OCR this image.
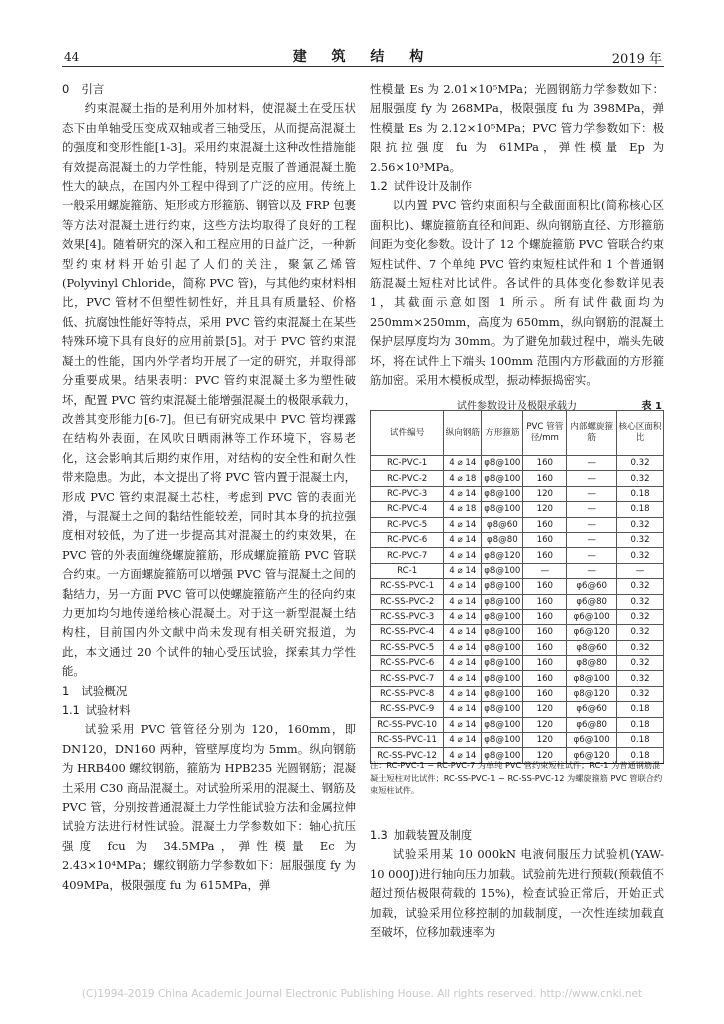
44	建 筑 结 构	2019 年

0 引言

约束混凝土指的是利用外加材料，使混凝土在受压状态下由单轴受压变成双轴或者三轴受压，从而提高混凝土的强度和变形性能[1-3]。采用约束混凝土这种改性措施能有效提高混凝土的力学性能，特别是克服了普通混凝土脆性大的缺点，在国内外工程中得到了广泛的应用。传统上一般采用螺旋箍筋、矩形或方形箍筋、钢管以及 FRP 包裹等方法对混凝土进行约束，这些方法均取得了良好的工程效果[4]。随着研究的深入和工程应用的日益广泛，一种新型约束材料开始引起了人们的关注，聚氯乙烯管(Polyvinyl Chloride，简称 PVC 管)，与其他约束材料相比，PVC 管材不但塑性韧性好，并且具有质量轻、价格低、抗腐蚀性能好等特点，采用 PVC 管约束混凝土在某些特殊环境下具有良好的应用前景[5]。对于 PVC 管约束混凝土的性能，国内外学者均开展了一定的研究，并取得部分重要成果。结果表明：PVC 管约束混凝土多为塑性破坏，配置 PVC 管约束混凝土能增强混凝土的极限承载力，改善其变形能力[6-7]。但已有研究成果中 PVC 管均裸露在结构外表面，在风吹日晒雨淋等工作环境下，容易老化，这会影响其后期约束作用，对结构的安全性和耐久性带来隐患。为此，本文提出了将 PVC 管内置于混凝土内，形成 PVC 管约束混凝土芯柱，考虑到 PVC 管的表面光滑，与混凝土之间的黏结性能较差，同时其本身的抗拉强度相对较低，为了进一步提高其对混凝土的约束效果，在 PVC 管的外表面缠绕螺旋箍筋，形成螺旋箍筋 PVC 管联合约束。一方面螺旋箍筋可以增强 PVC 管与混凝土之间的黏结力，另一方面 PVC 管可以使螺旋箍筋产生的径向约束力更加均匀地传递给核心混凝土。对于这一新型混凝土结构柱，目前国内外文献中尚未发现有相关研究报道，为此，本文通过 20 个试件的轴心受压试验，探索其力学性能。

1 试验概况

1.1 试验材料

试验采用 PVC 管管径分别为 120，160mm，即 DN120，DN160 两种，管壁厚度均为 5mm。纵向钢筋为 HRB400 螺纹钢筋，箍筋为 HPB235 光圆钢筋；混凝土采用 C30 商品混凝土。对试验所采用的混凝土、钢筋及 PVC 管，分别按普通混凝土力学性能试验方法和金属拉伸试验方法进行材性试验。混凝土力学参数如下：轴心抗压强度 fcu 为 34.5MPa，弹性模量 Ec 为 2.43×10⁴MPa；螺纹钢筋力学参数如下：屈服强度 fy 为 409MPa，极限强度 fu 为 615MPa，弹

性模量 Es 为 2.01×10⁵MPa；光圆钢筋力学参数如下：屈服强度 fy 为 268MPa，极限强度 fu 为 398MPa，弹性模量 Es 为 2.12×10⁵MPa；PVC 管力学参数如下：极限抗拉强度 fu 为 61MPa，弹性模量 Ep 为 2.56×10³MPa。

1.2 试件设计及制作

以内置 PVC 管约束面积与全截面面积比(简称核心区面积比)、螺旋箍筋直径和间距、纵向钢筋直径、方形箍筋间距为变化参数。设计了 12 个螺旋箍筋 PVC 管联合约束短柱试件、7 个单纯 PVC 管约束短柱试件和 1 个普通钢筋混凝土短柱对比试件。各试件的具体变化参数详见表 1，其截面示意如图 1 所示。所有试件截面均为 250mm×250mm，高度为 650mm，纵向钢筋的混凝土保护层厚度均为 30mm。为了避免加载过程中，端头先破坏，将在试件上下端头 100mm 范围内方形截面的方形箍筋加密。采用木模板成型，振动棒振捣密实。

试件参数设计及极限承载力	表 1
试件编号	纵向钢筋	方形箍筋	PVC 管管径/mm	内部螺旋箍筋	核心区面积比
RC-PVC-1	4 ⌀ 14	φ8@100	160	—	0.32
RC-PVC-2	4 ⌀ 18	φ8@100	160	—	0.32
RC-PVC-3	4 ⌀ 14	φ8@100	120	—	0.18
RC-PVC-4	4 ⌀ 18	φ8@100	120	—	0.18
RC-PVC-5	4 ⌀ 14	φ8@60	160	—	0.32
RC-PVC-6	4 ⌀ 14	φ8@80	160	—	0.32
RC-PVC-7	4 ⌀ 14	φ8@120	160	—	0.32
RC-1	4 ⌀ 14	φ8@100	—	—	—
RC-SS-PVC-1	4 ⌀ 14	φ8@100	160	φ6@60	0.32
RC-SS-PVC-2	4 ⌀ 14	φ8@100	160	φ6@80	0.32
RC-SS-PVC-3	4 ⌀ 14	φ8@100	160	φ6@100	0.32
RC-SS-PVC-4	4 ⌀ 14	φ8@100	160	φ6@120	0.32
RC-SS-PVC-5	4 ⌀ 14	φ8@100	160	φ8@60	0.32
RC-SS-PVC-6	4 ⌀ 14	φ8@100	160	φ8@80	0.32
RC-SS-PVC-7	4 ⌀ 14	φ8@100	160	φ8@100	0.32
RC-SS-PVC-8	4 ⌀ 14	φ8@100	160	φ8@120	0.32
RC-SS-PVC-9	4 ⌀ 14	φ8@100	120	φ6@60	0.18
RC-SS-PVC-10	4 ⌀ 14	φ8@100	120	φ6@80	0.18
RC-SS-PVC-11	4 ⌀ 14	φ8@100	120	φ6@100	0.18
RC-SS-PVC-12	4 ⌀ 14	φ8@100	120	φ6@120	0.18
注：RC-PVC-1 ~ RC-PVC-7 为单纯 PVC 管约束短柱试件；RC-1 为普通钢筋混凝土短柱对比试件；RC-SS-PVC-1 ~ RC-SS-PVC-12 为螺旋箍筋 PVC 管联合约束短柱试件。

1.3 加载装置及制度

试验采用某 10 000kN 电液伺服压力试验机(YAW-10 000J)进行轴向压力加载。试验前先进行预载(预载值不超过预估极限荷载的 15%)，检查试验正常后，开始正式加载，试验采用位移控制的加载制度，一次性连续加载直至破坏，位移加载速率为

(C)1994-2019 China Academic Journal Electronic Publishing House. All rights reserved. http://www.cnki.net
